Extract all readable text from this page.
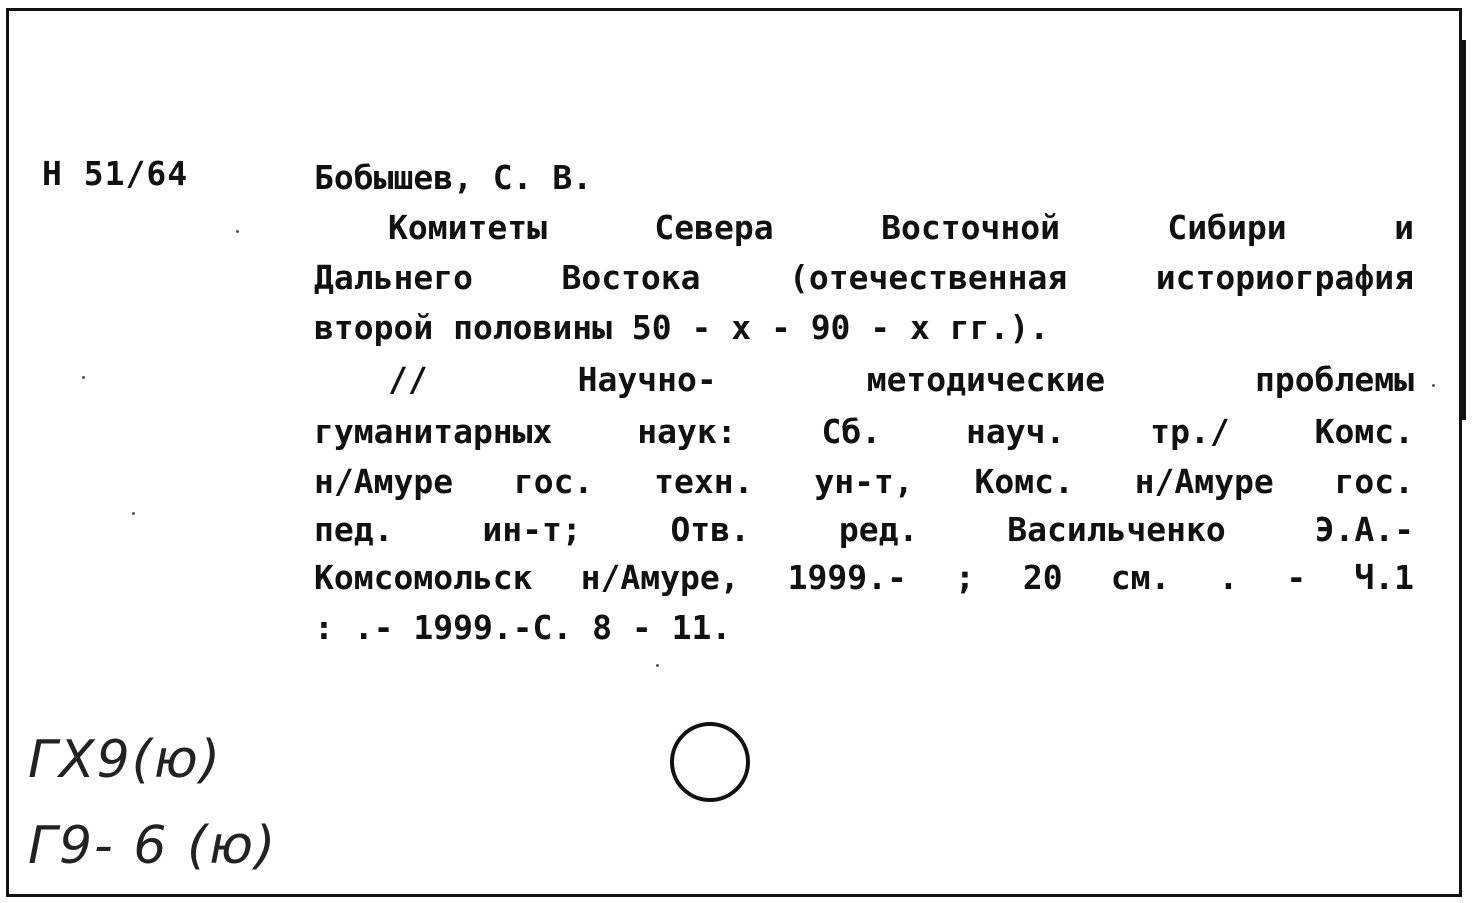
Н 51/64	Бобышев, С. В.
Комитеты Севера Восточной Сибири и
Дальнего Востока (отечественная историография
второй половины 50 - х - 90 - х гг.).
// Научно- методические проблемы
гуманитарных наук: Сб. науч. тр./ Комс.
н/Амуре гос. техн. ун-т, Комс. н/Амуре гос.
пед. ин-т; Отв. ред. Васильченко Э.А.-
Комсомольск н/Амуре, 1999.- ; 20 см. . - Ч.1
: .- 1999.-С. 8 - 11.
ГХ9(ю)
Г9- 6 (ю)
